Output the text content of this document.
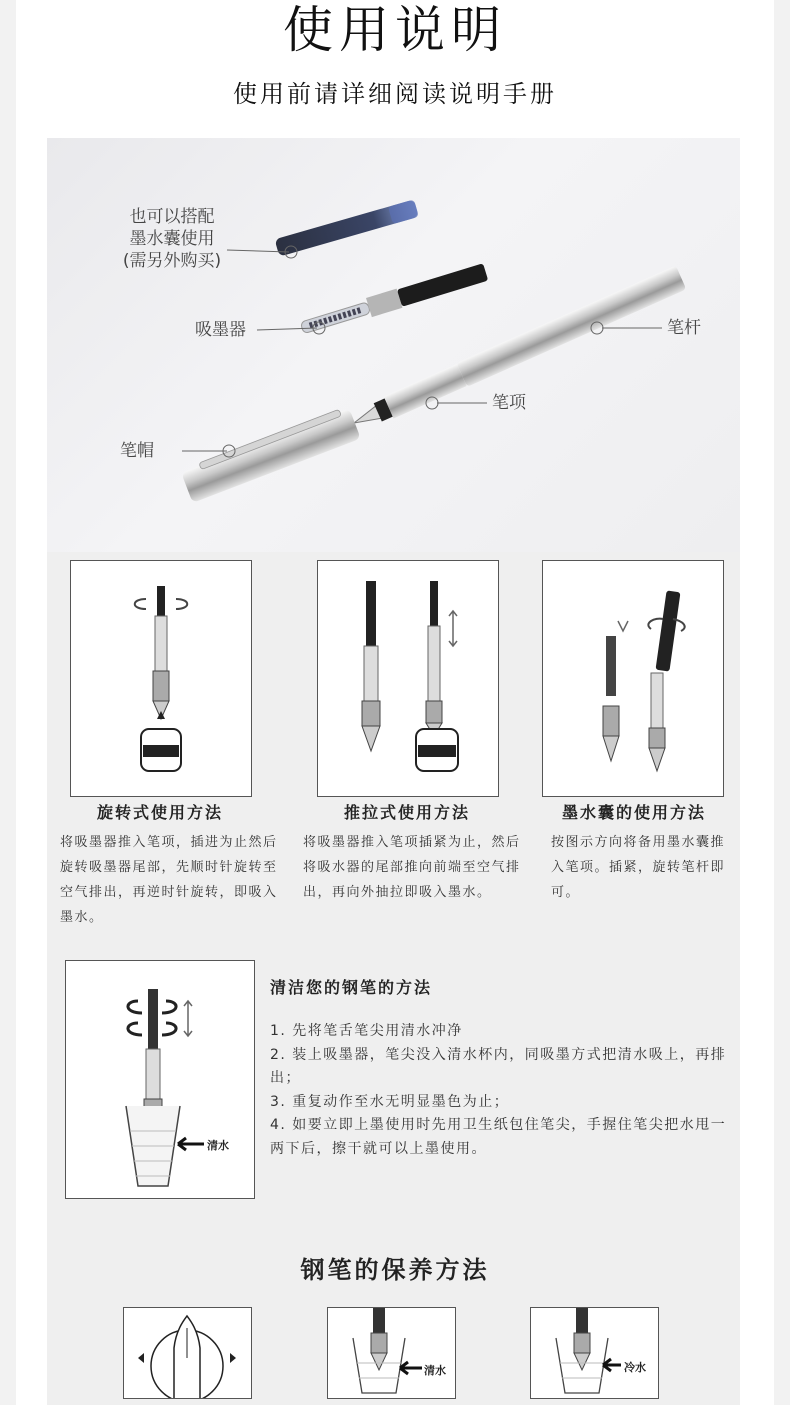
使用说明
使用前请详细阅读说明手册
也可以搭配
墨水囊使用
(需另外购买)
吸墨器	笔杆
笔项
笔帽
旋转式使用方法
将吸墨器推入笔项，插进为止然后旋转吸墨器尾部，先顺时针旋转至空气排出，再逆时针旋转，即吸入墨水。
推拉式使用方法
将吸墨器推入笔项插紧为止，然后将吸水器的尾部推向前端至空气排出，再向外抽拉即吸入墨水。
墨水囊的使用方法
按图示方向将备用墨水囊推入笔项。插紧，旋转笔杆即可。
清水
清洁您的钢笔的方法
1. 先将笔舌笔尖用清水冲净
2. 装上吸墨器，笔尖没入清水杯内，同吸墨方式把清水吸上，再排出；
3. 重复动作至水无明显墨色为止；
4. 如要立即上墨使用时先用卫生纸包住笔尖，手握住笔尖把水甩一两下后，擦干就可以上墨使用。
钢笔的保养方法
清水	冷水
